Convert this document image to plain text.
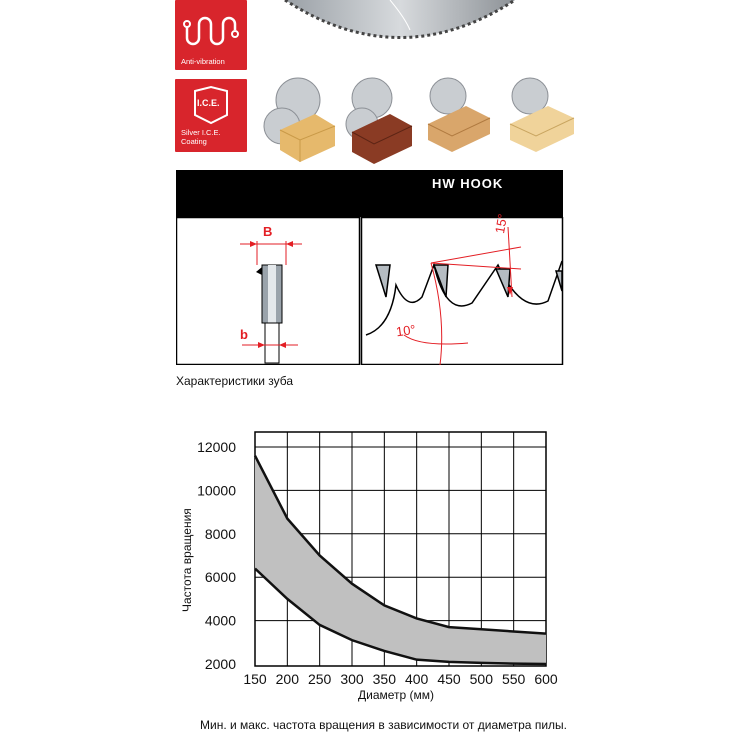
Anti-vibration
I.C.E.
Silver I.C.E.
Coating
HW HOOK
B
b	10°
15°
Характеристики зуба
150 200 250 300 350 400 450 500 550 600
2000
4000
6000
8000
10000
12000
Частота вращения
Диаметр (мм)
Мин. и макс. частота вращения в зависимости от диаметра пилы.
